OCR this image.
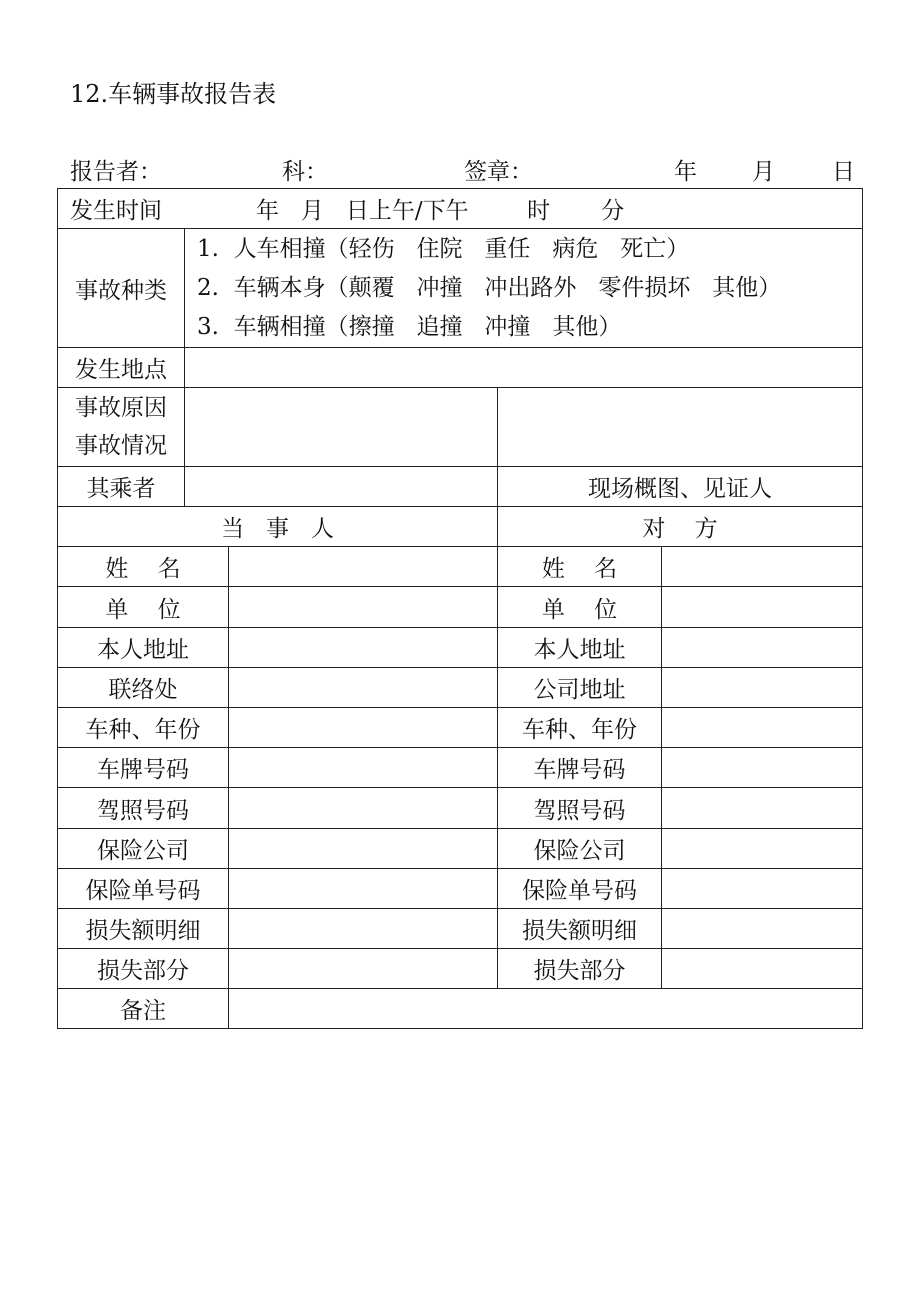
12.车辆事故报告表
报告者：	科：	签章：	年 月 日
发生时间	年   月   日上午/下午        时       分
事故种类
1.  人车相撞（轻伤   住院   重任   病危   死亡）
2.  车辆本身（颠覆   冲撞   冲出路外   零件损坏   其他）
3.  车辆相撞（擦撞   追撞   冲撞   其他）
发生地点
事故原因
事故情况
其乘者	现场概图、见证人
当   事   人	对    方
姓    名	姓    名
单    位	单    位
本人地址	本人地址
联络处	公司地址
车种、年份	车种、年份
车牌号码	车牌号码
驾照号码	驾照号码
保险公司	保险公司
保险单号码	保险单号码
损失额明细	损失额明细
损失部分	损失部分
备注
